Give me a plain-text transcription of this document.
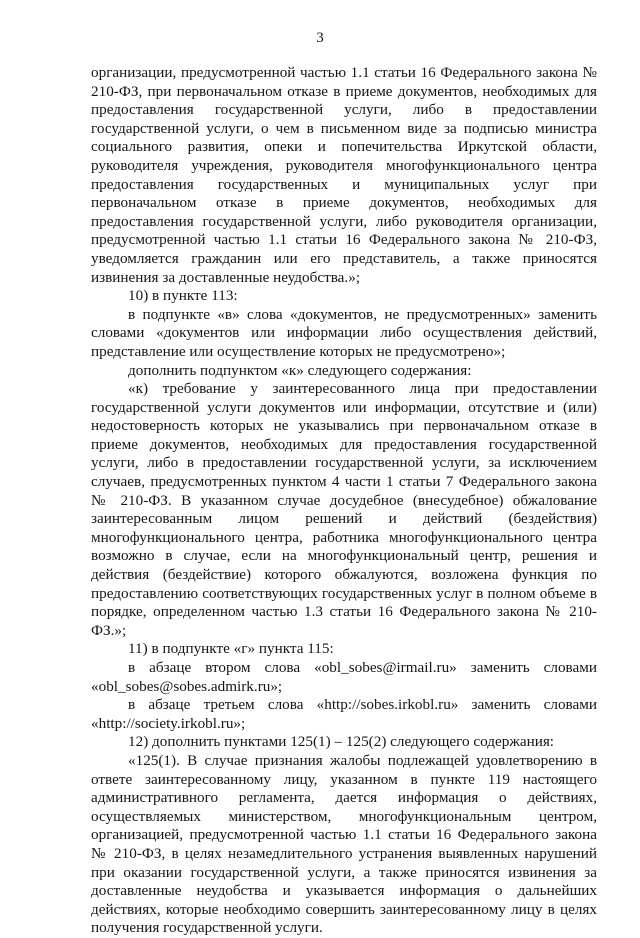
3

организации, предусмотренной частью 1.1 статьи 16 Федерального закона № 210-ФЗ, при первоначальном отказе в приеме документов, необходимых для предоставления государственной услуги, либо в предоставлении государственной услуги, о чем в письменном виде за подписью министра социального развития, опеки и попечительства Иркутской области, руководителя учреждения, руководителя многофункционального центра предоставления государственных и муниципальных услуг при первоначальном отказе в приеме документов, необходимых для предоставления государственной услуги, либо руководителя организации, предусмотренной частью 1.1 статьи 16 Федерального закона № 210-ФЗ, уведомляется гражданин или его представитель, а также приносятся извинения за доставленные неудобства.»;

10) в пункте 113:

в подпункте «в» слова «документов, не предусмотренных» заменить словами «документов или информации либо осуществления действий, представление или осуществление которых не предусмотрено»;

дополнить подпунктом «к» следующего содержания:

«к) требование у заинтересованного лица при предоставлении государственной услуги документов или информации, отсутствие и (или) недостоверность которых не указывались при первоначальном отказе в приеме документов, необходимых для предоставления государственной услуги, либо в предоставлении государственной услуги, за исключением случаев, предусмотренных пунктом 4 части 1 статьи 7 Федерального закона № 210-ФЗ. В указанном случае досудебное (внесудебное) обжалование заинтересованным лицом решений и действий (бездействия) многофункционального центра, работника многофункционального центра возможно в случае, если на многофункциональный центр, решения и действия (бездействие) которого обжалуются, возложена функция по предоставлению соответствующих государственных услуг в полном объеме в порядке, определенном частью 1.3 статьи 16 Федерального закона № 210-ФЗ.»;

11) в подпункте «г» пункта 115:

в абзаце втором слова «obl_sobes@irmail.ru» заменить словами «obl_sobes@sobes.admirk.ru»;

в абзаце третьем слова «http://sobes.irkobl.ru» заменить словами «http://society.irkobl.ru»;

12) дополнить пунктами 125(1) – 125(2) следующего содержания:

«125(1). В случае признания жалобы подлежащей удовлетворению в ответе заинтересованному лицу, указанном в пункте 119 настоящего административного регламента, дается информация о действиях, осуществляемых министерством, многофункциональным центром, организацией, предусмотренной частью 1.1 статьи 16 Федерального закона № 210-ФЗ, в целях незамедлительного устранения выявленных нарушений при оказании государственной услуги, а также приносятся извинения за доставленные неудобства и указывается информация о дальнейших действиях, которые необходимо совершить заинтересованному лицу в целях получения государственной услуги.
